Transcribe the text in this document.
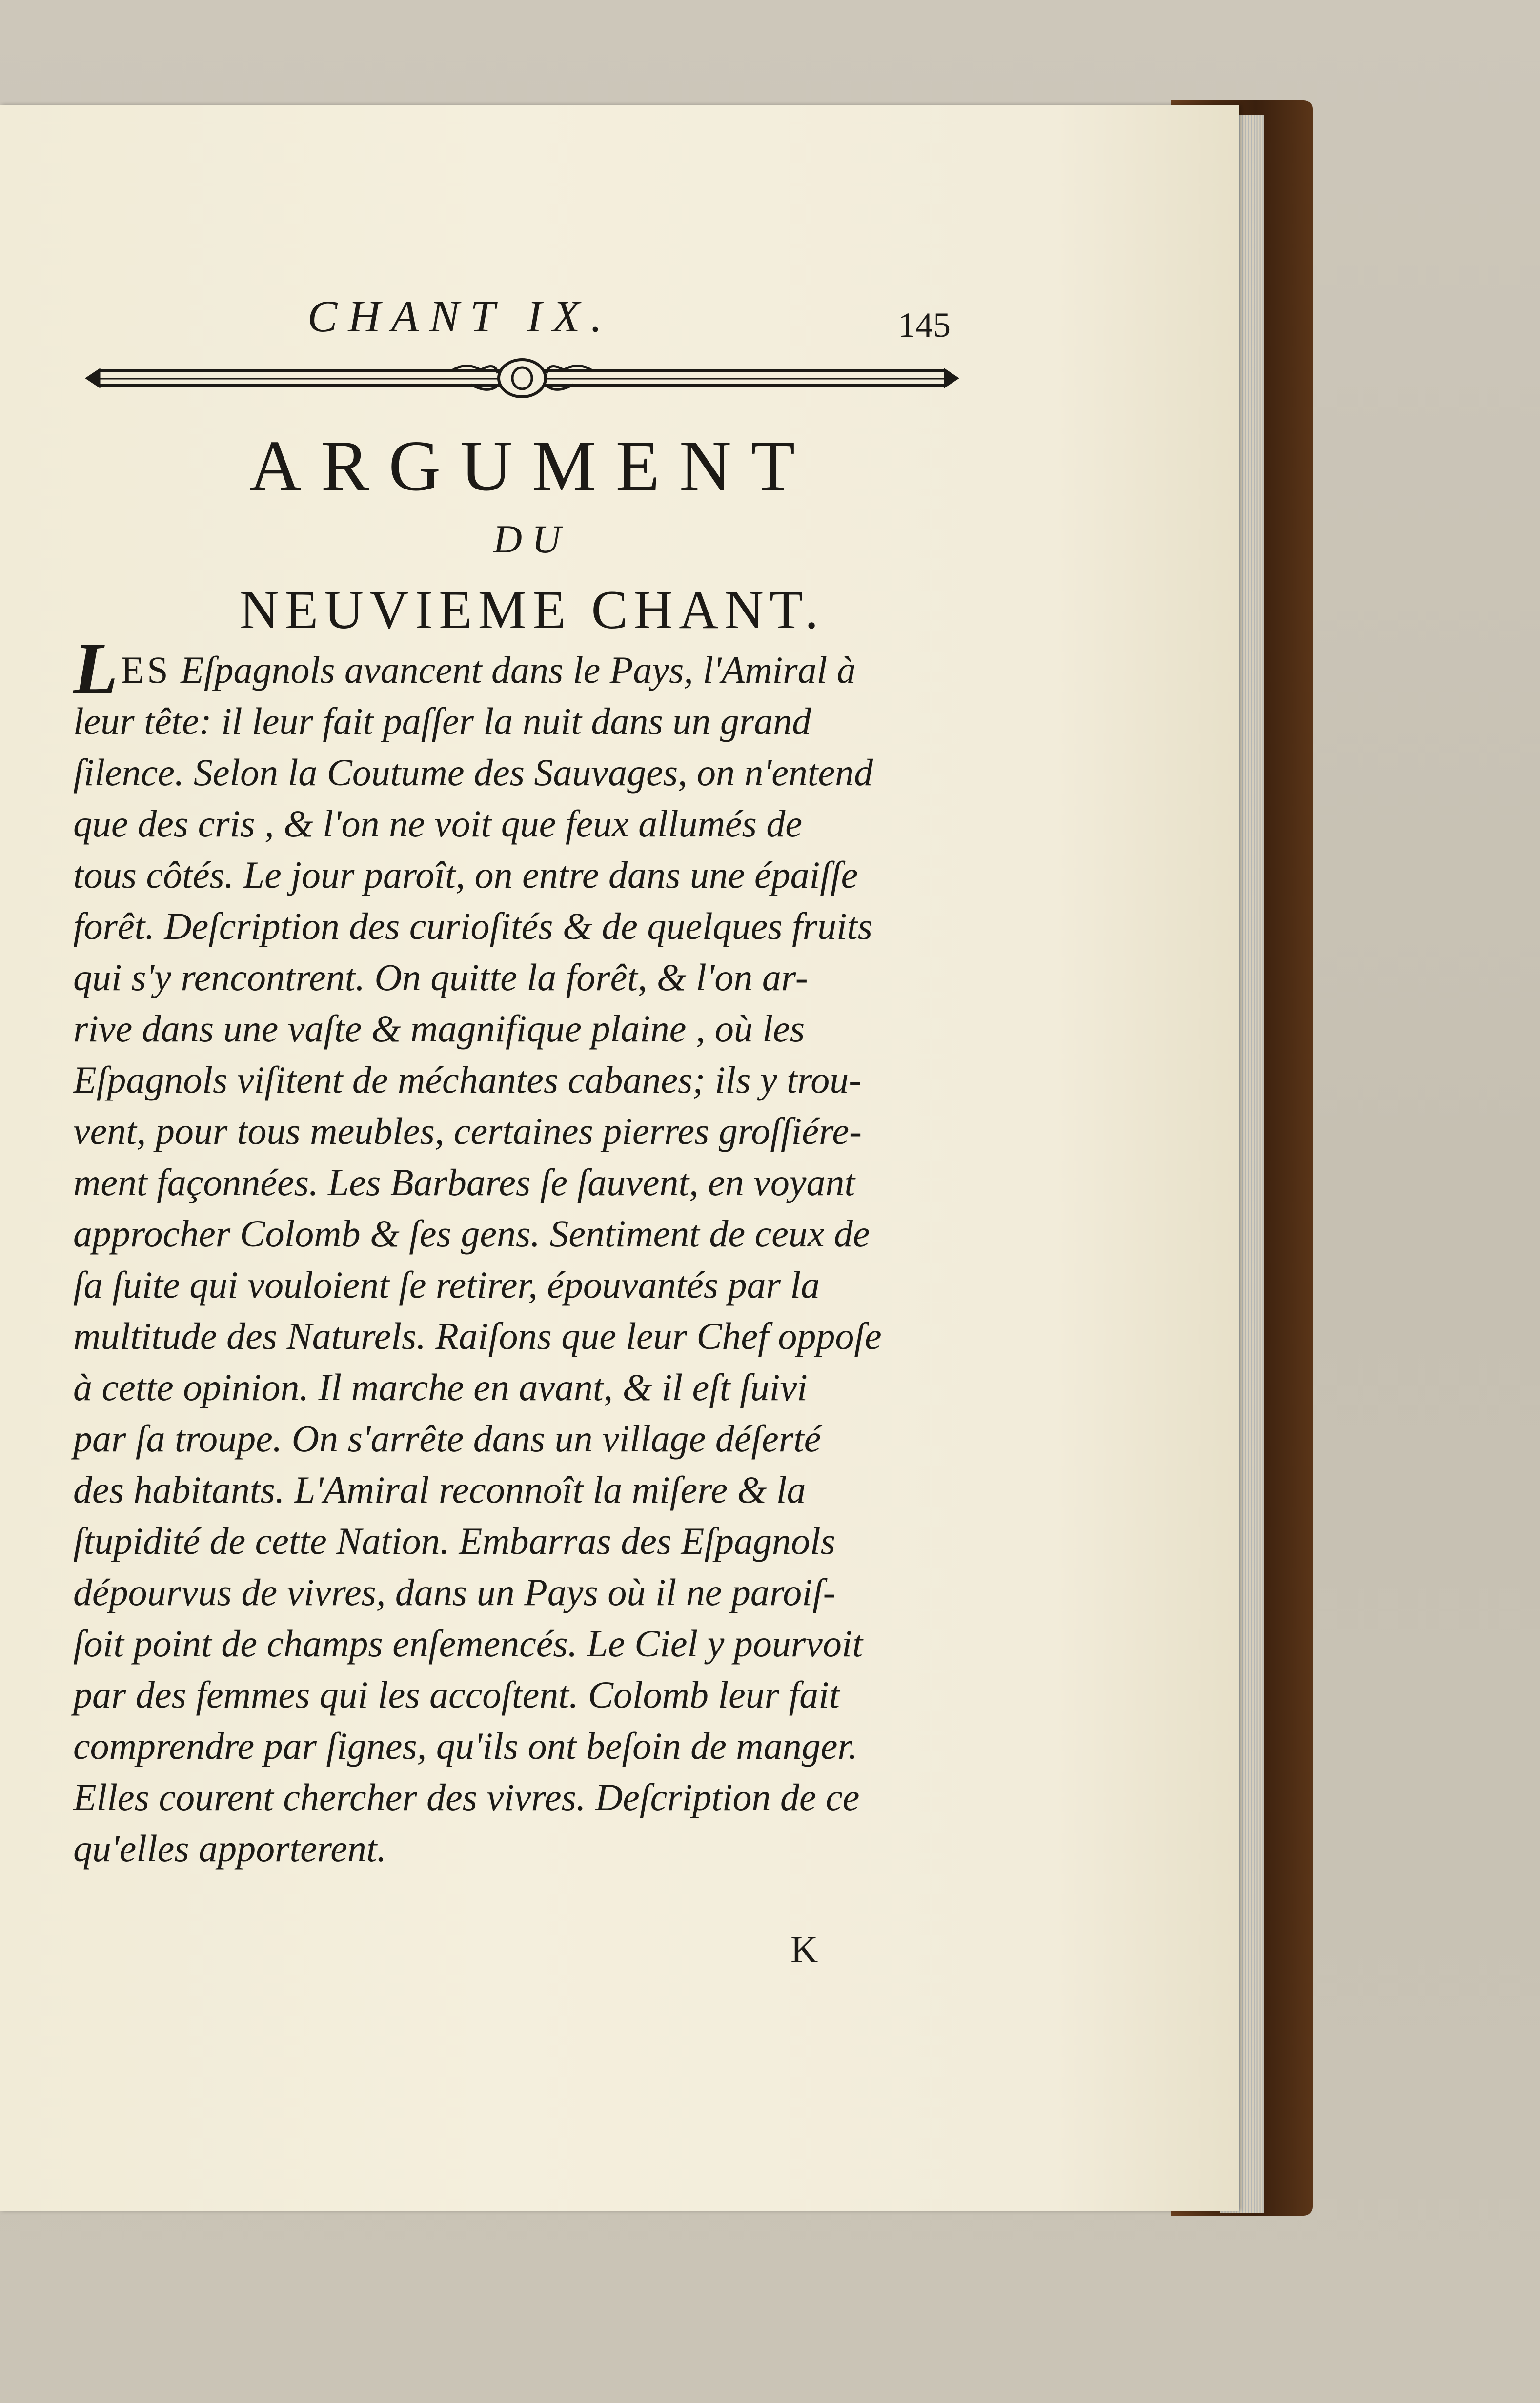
CHANT IX.	145
ARGUMENT
DU
NEUVIEME CHANT.
LES Eſpagnols avancent dans le Pays, l'Amiral à
leur tête: il leur fait paſſer la nuit dans un grand
ſilence. Selon la Coutume des Sauvages, on n'entend
que des cris , & l'on ne voit que feux allumés de
tous côtés. Le jour paroît, on entre dans une épaiſſe
forêt. Deſcription des curioſités & de quelques fruits
qui s'y rencontrent. On quitte la forêt, & l'on ar-
rive dans une vaſte & magnifique plaine , où les
Eſpagnols viſitent de méchantes cabanes; ils y trou-
vent, pour tous meubles, certaines pierres groſſiére-
ment façonnées. Les Barbares ſe ſauvent, en voyant
approcher Colomb & ſes gens. Sentiment de ceux de
ſa ſuite qui vouloient ſe retirer, épouvantés par la
multitude des Naturels. Raiſons que leur Chef oppoſe
à cette opinion. Il marche en avant, & il eſt ſuivi
par ſa troupe. On s'arrête dans un village déſerté
des habitants. L'Amiral reconnoît la miſere & la
ſtupidité de cette Nation. Embarras des Eſpagnols
dépourvus de vivres, dans un Pays où il ne paroiſ-
ſoit point de champs enſemencés. Le Ciel y pourvoit
par des femmes qui les accoſtent. Colomb leur fait
comprendre par ſignes, qu'ils ont beſoin de manger.
Elles courent chercher des vivres. Deſcription de ce
qu'elles apporterent.
K
